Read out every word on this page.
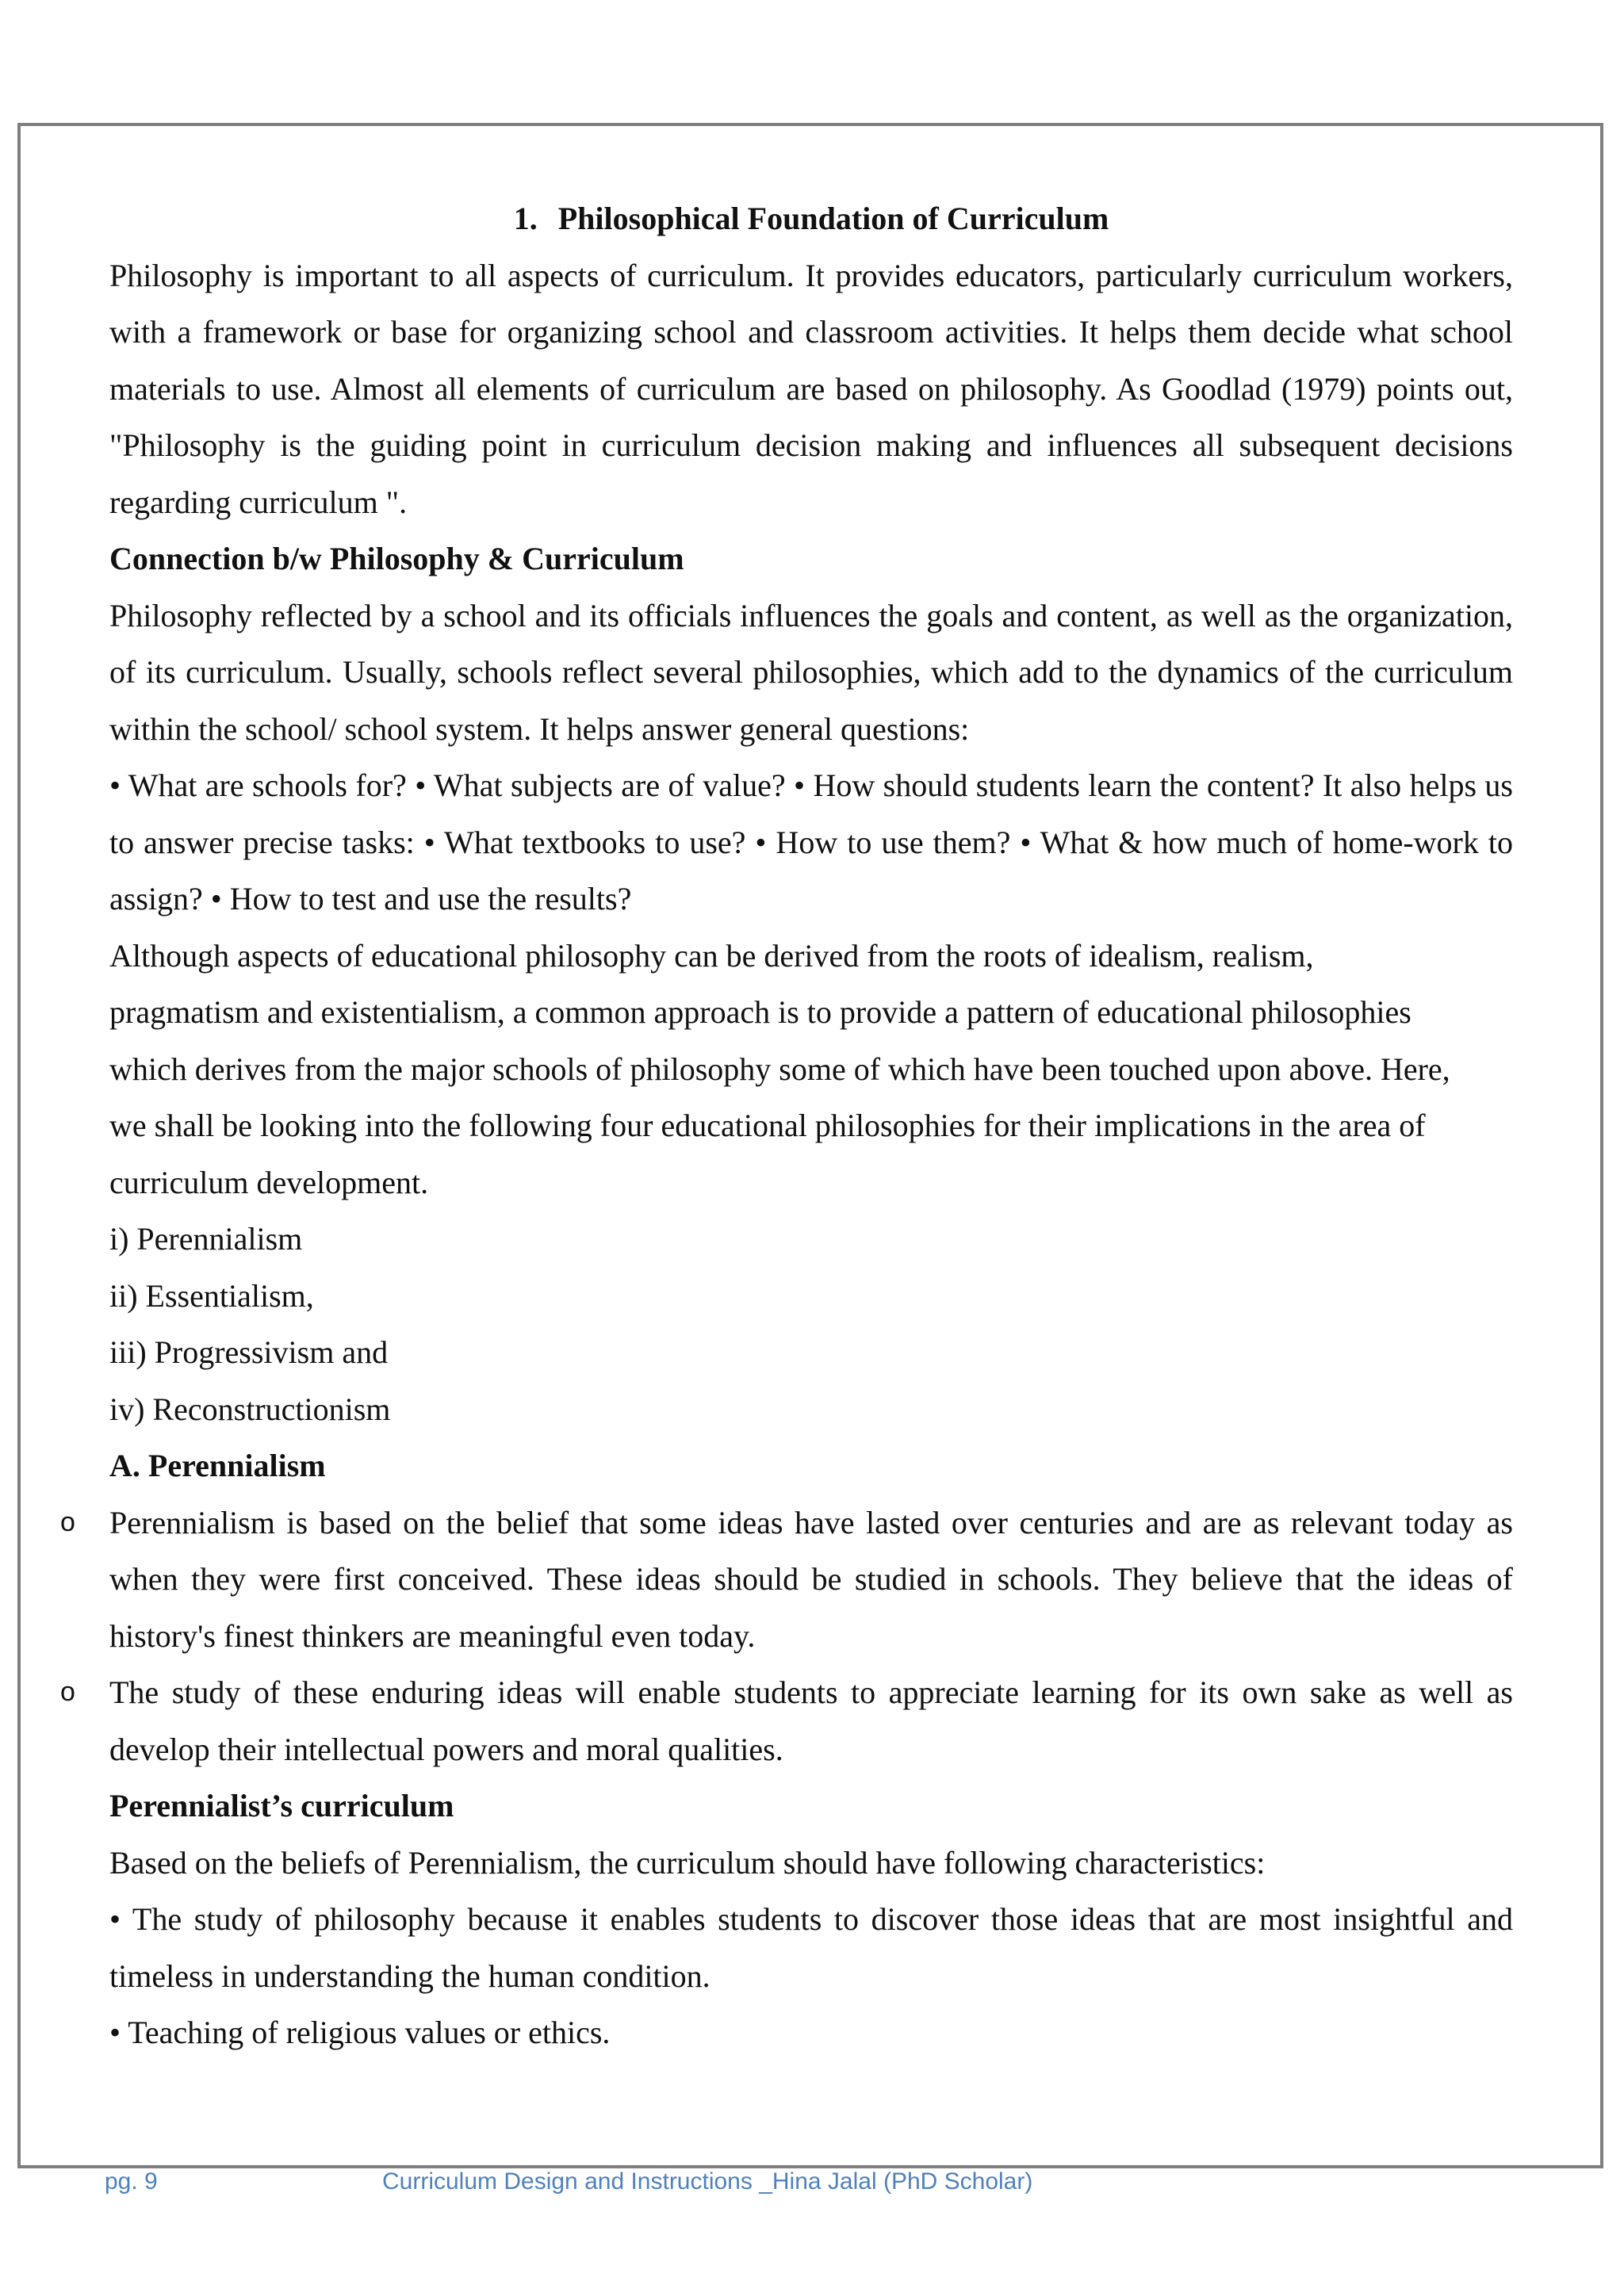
1. Philosophical Foundation of Curriculum

Philosophy is important to all aspects of curriculum. It provides educators, particularly curriculum workers, with a framework or base for organizing school and classroom activities. It helps them decide what school materials to use. Almost all elements of curriculum are based on philosophy. As Goodlad (1979) points out, "Philosophy is the guiding point in curriculum decision making and influences all subsequent decisions regarding curriculum ".

Connection b/w Philosophy & Curriculum

Philosophy reflected by a school and its officials influences the goals and content, as well as the organization, of its curriculum. Usually, schools reflect several philosophies, which add to the dynamics of the curriculum within the school/ school system. It helps answer general questions:

• What are schools for? • What subjects are of value? • How should students learn the content? It also helps us to answer precise tasks: • What textbooks to use? • How to use them? • What & how much of home-work to assign? • How to test and use the results?

Although aspects of educational philosophy can be derived from the roots of idealism, realism,

pragmatism and existentialism, a common approach is to provide a pattern of educational philosophies

which derives from the major schools of philosophy some of which have been touched upon above. Here,

we shall be looking into the following four educational philosophies for their implications in the area of

curriculum development.

i) Perennialism

ii) Essentialism,

iii) Progressivism and

iv) Reconstructionism

A. Perennialism

o Perennialism is based on the belief that some ideas have lasted over centuries and are as relevant today as when they were first conceived. These ideas should be studied in schools. They believe that the ideas of history's finest thinkers are meaningful even today.

o The study of these enduring ideas will enable students to appreciate learning for its own sake as well as develop their intellectual powers and moral qualities.

Perennialist’s curriculum

Based on the beliefs of Perennialism, the curriculum should have following characteristics:

• The study of philosophy because it enables students to discover those ideas that are most insightful and timeless in understanding the human condition.

• Teaching of religious values or ethics.

pg. 9	Curriculum Design and Instructions _Hina Jalal (PhD Scholar)
